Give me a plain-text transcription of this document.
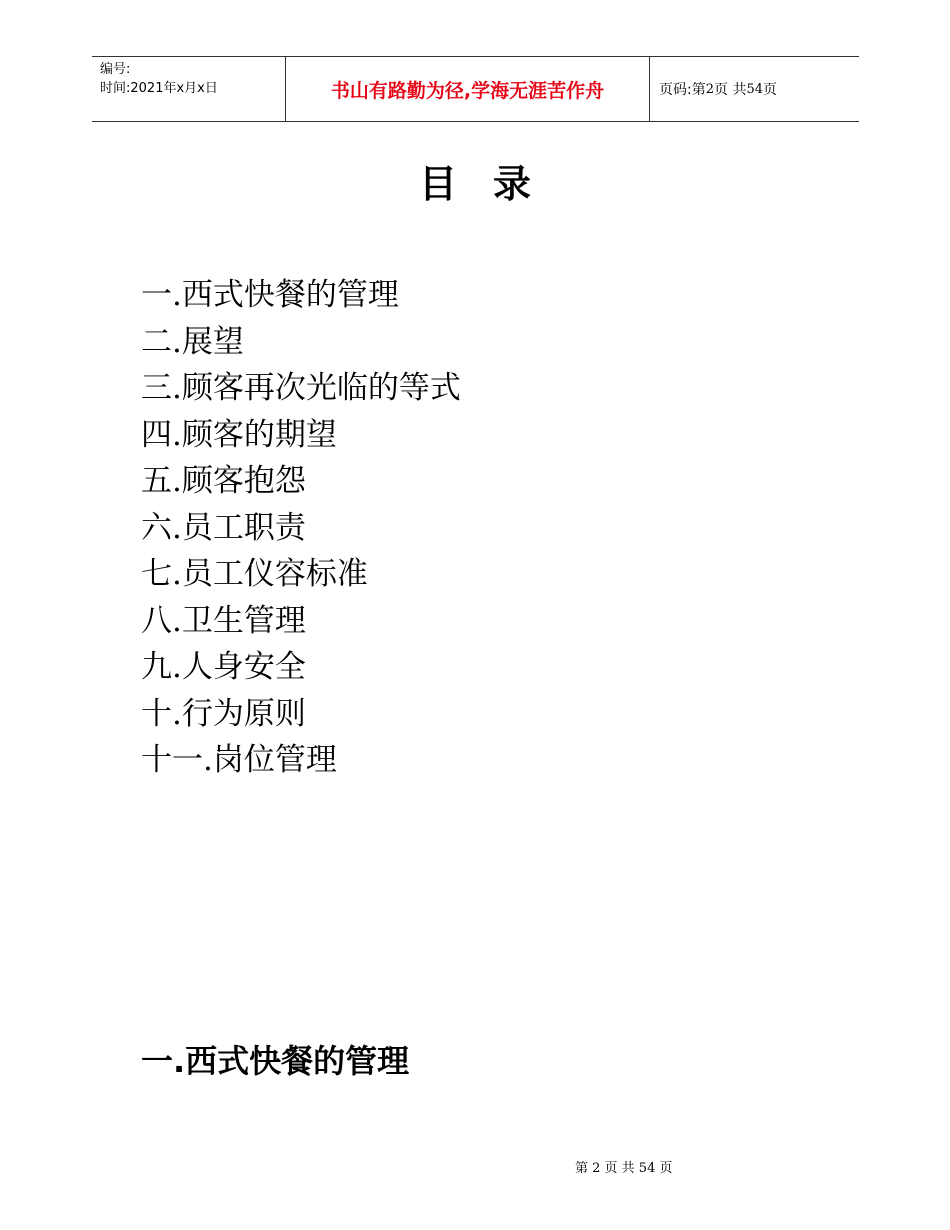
编号:
时间:2021年x月x日	书山有路勤为径,学海无涯苦作舟	页码:第 2 页 共 54 页
目录
一.西式快餐的管理
二.展望
三.顾客再次光临的等式
四.顾客的期望
五.顾客抱怨
六.员工职责
七.员工仪容标准
八.卫生管理
九.人身安全
十.行为原则
十一.岗位管理
一.西式快餐的管理
第 2 页 共 54 页
